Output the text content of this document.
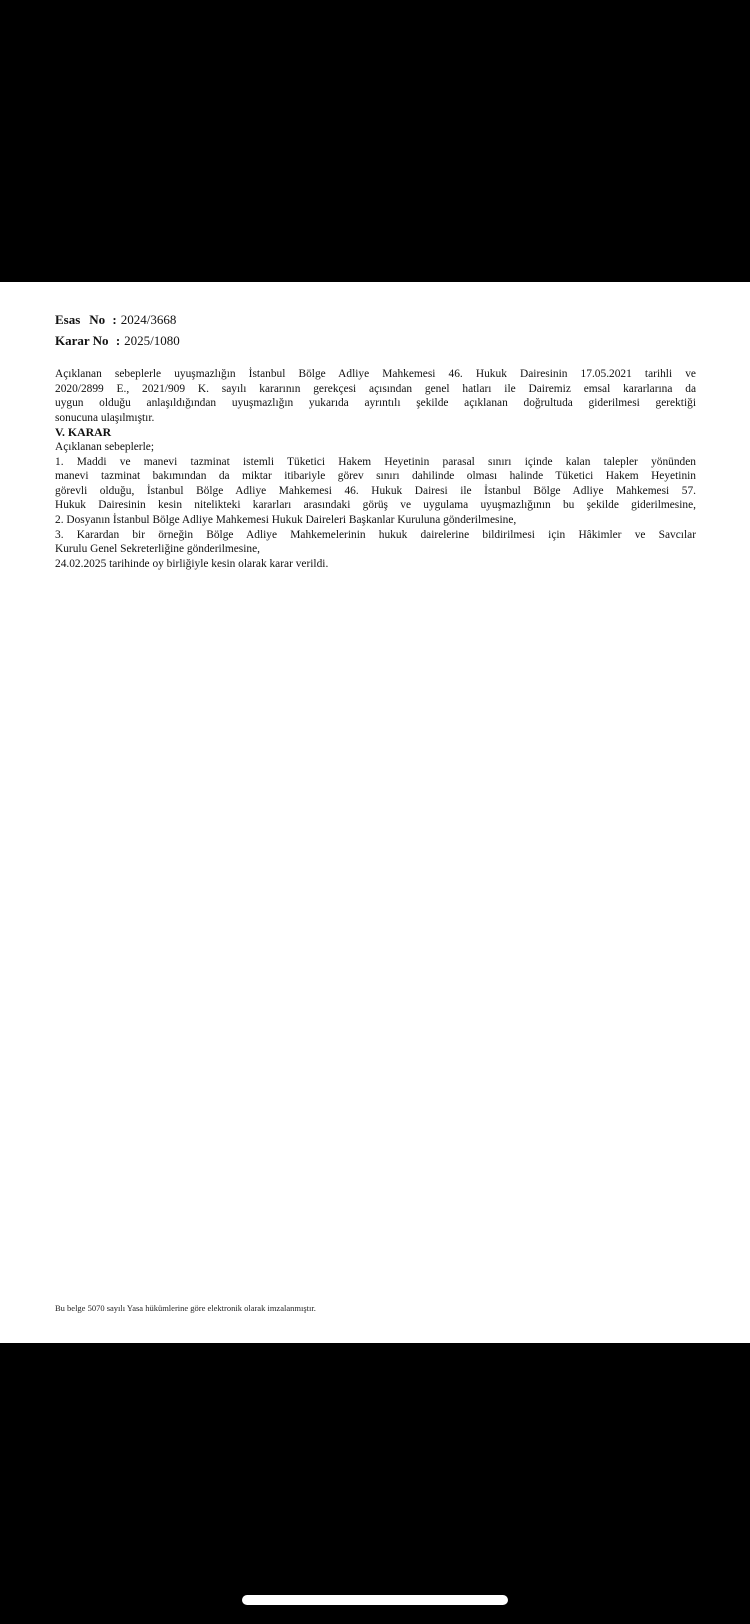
Esas No : 2024/3668
Karar No : 2025/1080

Açıklanan sebeplerle uyuşmazlığın İstanbul Bölge Adliye Mahkemesi 46. Hukuk Dairesinin 17.05.2021 tarihli ve
2020/2899 E., 2021/909 K. sayılı kararının gerekçesi açısından genel hatları ile Dairemiz emsal kararlarına da
uygun olduğu anlaşıldığından uyuşmazlığın yukarıda ayrıntılı şekilde açıklanan doğrultuda giderilmesi gerektiği
sonucuna ulaşılmıştır.

V. KARAR

Açıklanan sebeplerle;

1. Maddi ve manevi tazminat istemli Tüketici Hakem Heyetinin parasal sınırı içinde kalan talepler yönünden
manevi tazminat bakımından da miktar itibariyle görev sınırı dahilinde olması halinde Tüketici Hakem Heyetinin
görevli olduğu, İstanbul Bölge Adliye Mahkemesi 46. Hukuk Dairesi ile İstanbul Bölge Adliye Mahkemesi 57.
Hukuk Dairesinin kesin nitelikteki kararları arasındaki görüş ve uygulama uyuşmazlığının bu şekilde giderilmesine,

2. Dosyanın İstanbul Bölge Adliye Mahkemesi Hukuk Daireleri Başkanlar Kuruluna gönderilmesine,

3. Karardan bir örneğin Bölge Adliye Mahkemelerinin hukuk dairelerine bildirilmesi için Hâkimler ve Savcılar
Kurulu Genel Sekreterliğine gönderilmesine,

24.02.2025 tarihinde oy birliğiyle kesin olarak karar verildi.

Bu belge 5070 sayılı Yasa hükümlerine göre elektronik olarak imzalanmıştır.
